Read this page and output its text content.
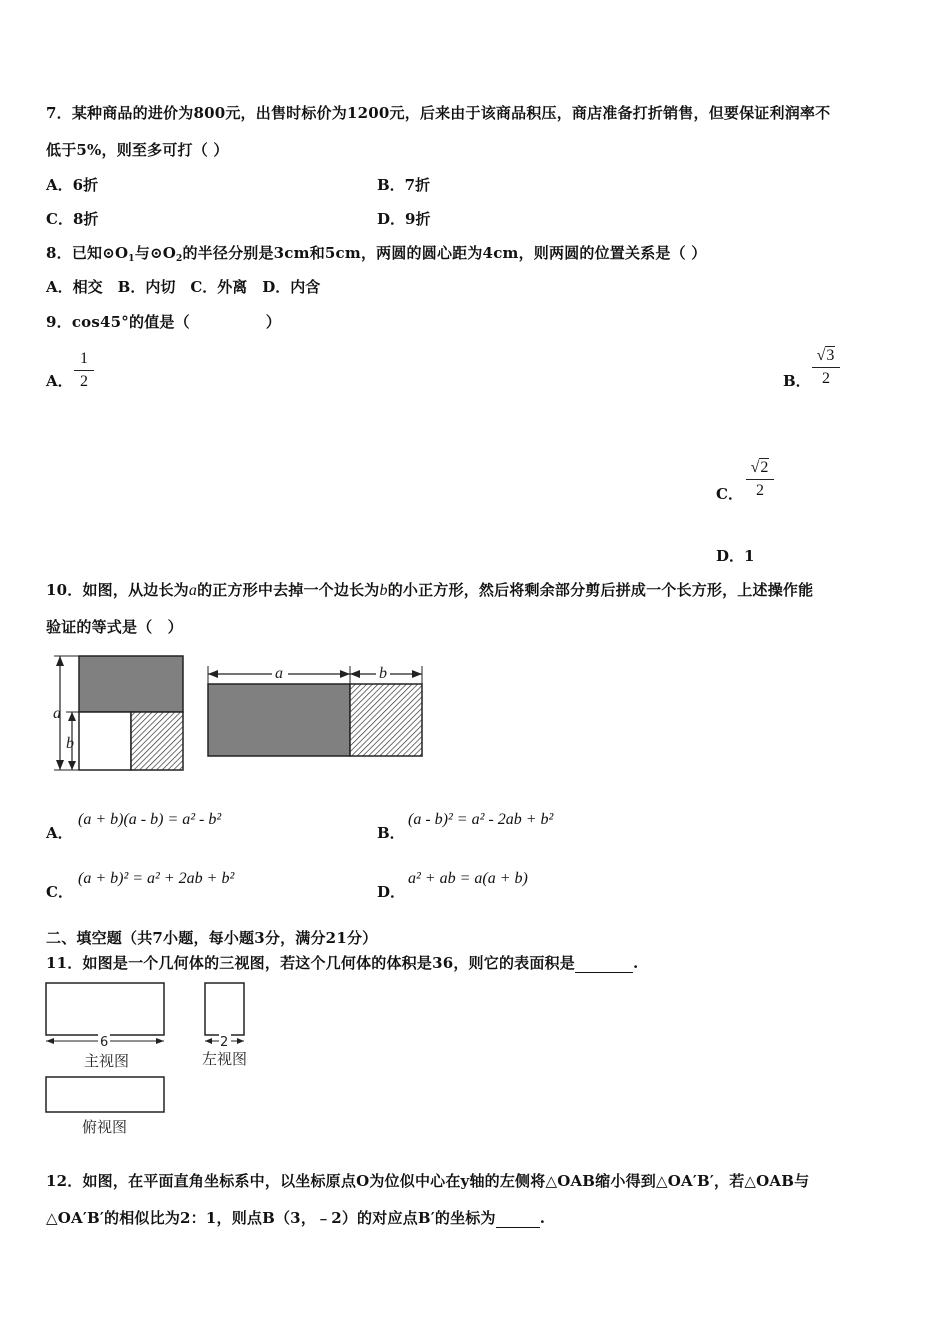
7．某种商品的进价为800元，出售时标价为1200元，后来由于该商品积压，商店准备打折销售，但要保证利润率不
低于5%，则至多可打（ ）
A．6折	B．7折
C．8折	D．9折
8．已知$⊙O_1$与$⊙O_2$的半径分别是3cm和5cm，两圆的圆心距为4cm，则两圆的位置关系是（ ）
A．相交　B．内切　C．外离　D．内含
9．cos45°的值是（　　　　　）
A．
1
2	B．
√3
2
C．
√2
2
D．1
10．如图，从边长为a的正方形中去掉一个边长为b的小正方形，然后将剩余部分剪后拼成一个长方形，上述操作能
验证的等式是（　）
a
b
a	b
A．
(a + b)(a - b) = a² - b²
B．
(a - b)² = a² - 2ab + b²
C．
(a + b)² = a² + 2ab + b²
D．
a² + ab = a(a + b)
二、填空题（共7小题，每小题3分，满分21分）
11．如图是一个几何体的三视图，若这个几何体的体积是36，则它的表面积是	.
6
主视图
2
左视图
俯视图
12．如图，在平面直角坐标系中，以坐标原点O为位似中心在y轴的左侧将△OAB缩小得到△OA′B′，若△OAB与
△OA′B′的相似比为2：1，则点B（3，﹣2）的对应点B′的坐标为	.
